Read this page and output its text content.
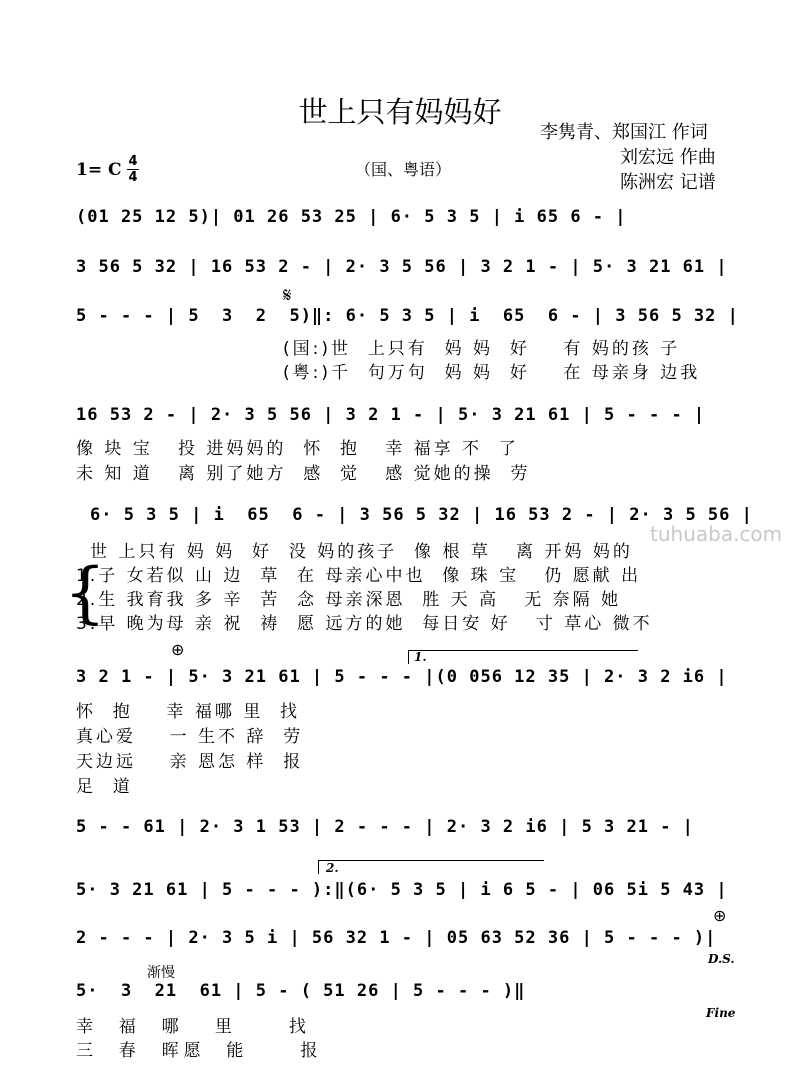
世上只有妈妈好
李隽青、郑国江 作词
刘宏远 作曲
陈洲宏 记谱
1= C 4
4	（国、粤语）
tuhuaba.com
(01 25 12 5)| 01 26 53 25 | 6· 5 3 5 | i 65 6 - |
3 56 5 32 | 16 53 2 - | 2· 3 5 56 | 3 2 1 - | 5· 3 21 61 |
𝄋
5 - - - | 5  3  2  5)‖: 6· 5 3 5 | i  65  6 - | 3 56 5 32 |
(国:)世  上只有  妈 妈  好    有 妈的孩 子
(粤:)千  句万句  妈 妈  好    在 母亲身 边我
16 53 2 - | 2· 3 5 56 | 3 2 1 - | 5· 3 21 61 | 5 - - - |
像 块 宝   投 进妈妈的  怀  抱   幸 福享 不  了
未 知 道   离 别了她方  感  觉   感 觉她的操  劳
6· 5 3 5 | i  65  6 - | 3 56 5 32 | 16 53 2 - | 2· 3 5 56 |
{
世 上只有 妈 妈  好  没 妈的孩子  像 根 草   离 开妈 妈的
1.子 女若似 山 边  草  在 母亲心中也  像 珠 宝   仍 愿献 出
2.生 我育我 多 辛  苦  念 母亲深恩  胜 天 高   无 奈隔 她
3.早 晚为母 亲 祝  祷  愿 远方的她  每日安 好   寸 草心 微不
⊕	1.
3 2 1 - | 5· 3 21 61 | 5 - - - |(0 056 12 35 | 2· 3 2 i6 |
怀  抱    幸 福哪 里  找
真心爱    一 生不 辞  劳
天边远    亲 恩怎 样  报
足  道
5 - - 61 | 2· 3 1 53 | 2 - - - | 2· 3 2 i6 | 5 3 21 - |
2.
5· 3 21 61 | 5 - - - ):‖(6· 5 3 5 | i 6 5 - | 06 5i 5 43 |
⊕
2 - - - | 2· 3 5 i | 56 32 1 - | 05 63 52 36 | 5 - - - )|
D.S.
渐慢
5·  3  21  61 | 5 - ( 51 26 | 5 - - - )‖
Fine
幸  福  哪   里     找
三  春  晖愿  能     报
